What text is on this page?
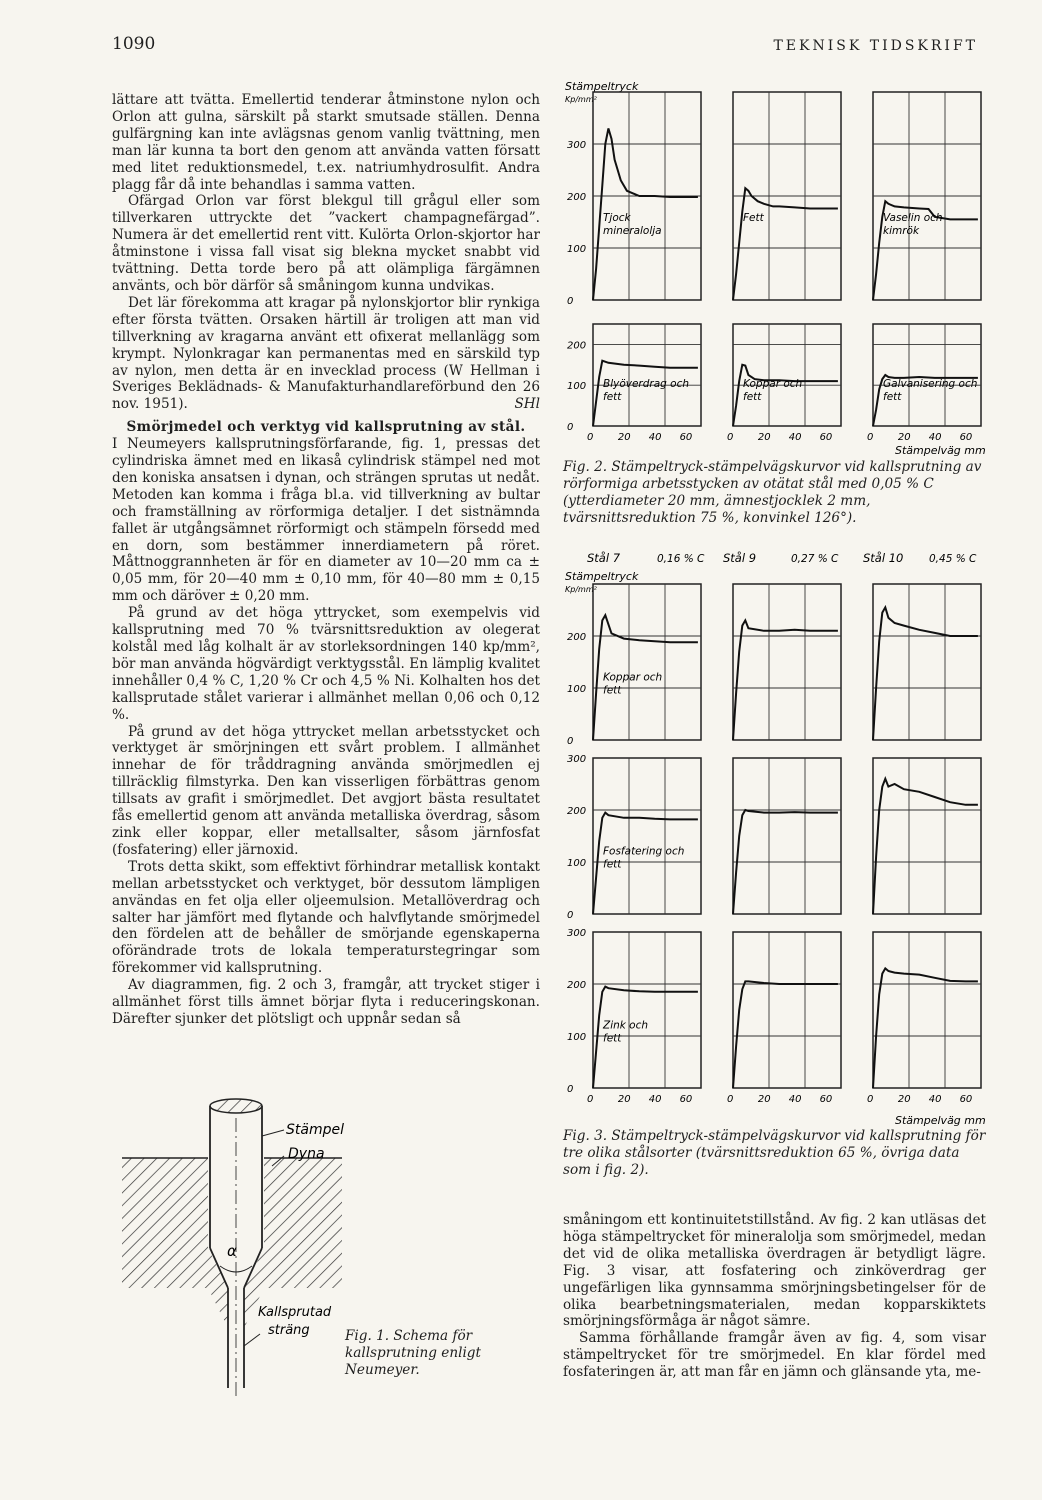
1090	TEKNISK TIDSKRIFT

lättare att tvätta. Emellertid tenderar åtminstone nylon och Orlon att gulna, särskilt på starkt smutsade ställen. Denna gulfärgning kan inte avlägsnas genom vanlig tvättning, men man lär kunna ta bort den genom att använda vatten försatt med litet reduktionsmedel, t.ex. natriumhydrosulfit. Andra plagg får då inte behandlas i samma vatten.

Ofärgad Orlon var först blekgul till grågul eller som tillverkaren uttryckte det ”vackert champagnefärgad”. Numera är det emellertid rent vitt. Kulörta Orlon-skjortor har åtminstone i vissa fall visat sig blekna mycket snabbt vid tvättning. Detta torde bero på att olämpliga färgämnen använts, och bör därför så småningom kunna undvikas.

Det lär förekomma att kragar på nylonskjortor blir rynkiga efter första tvätten. Orsaken härtill är troligen att man vid tillverkning av kragarna använt ett ofixerat mellanlägg som krympt. Nylonkragar kan permanentas med en särskild typ av nylon, men detta är en invecklad process (W Hellman i Sveriges Beklädnads- & Manufakturhandlareförbund den 26 nov. 1951).	SHl

Smörjmedel och verktyg vid kallsprutning av stål.

I Neumeyers kallsprutningsförfarande, fig. 1, pressas det cylindriska ämnet med en likaså cylindrisk stämpel ned mot den koniska ansatsen i dynan, och strängen sprutas ut nedåt. Metoden kan komma i fråga bl.a. vid tillverkning av bultar och framställning av rörformiga detaljer. I det sistnämnda fallet är utgångsämnet rörformigt och stämpeln försedd med en dorn, som bestämmer innerdiametern på röret. Måttnoggrannheten är för en diameter av 10—20 mm ca ± 0,05 mm, för 20—40 mm ± 0,10 mm, för 40—80 mm ± 0,15 mm och däröver ± 0,20 mm.

På grund av det höga yttrycket, som exempelvis vid kallsprutning med 70 % tvärsnittsreduktion av olegerat kolstål med låg kolhalt är av storleksordningen 140 kp/mm², bör man använda högvärdigt verktygsstål. En lämplig kvalitet innehåller 0,4 % C, 1,20 % Cr och 4,5 % Ni. Kolhalten hos det kallsprutade stålet varierar i allmänhet mellan 0,06 och 0,12 %.

På grund av det höga yttrycket mellan arbetsstycket och verktyget är smörjningen ett svårt problem. I allmänhet innehar de för tråddragning använda smörjmedlen ej tillräcklig filmstyrka. Den kan visserligen förbättras genom tillsats av grafit i smörjmedlet. Det avgjort bästa resultatet fås emellertid genom att använda metalliska överdrag, såsom zink eller koppar, eller metallsalter, såsom järnfosfat (fosfatering) eller järnoxid.

Trots detta skikt, som effektivt förhindrar metallisk kontakt mellan arbetsstycket och verktyget, bör dessutom lämpligen användas en fet olja eller oljeemulsion. Metallöverdrag och salter har jämfört med flytande och halvflytande smörjmedel den fördelen att de behåller de smörjande egenskaperna oförändrade trots de lokala temperaturstegringar som förekommer vid kallsprutning.

Av diagrammen, fig. 2 och 3, framgår, att trycket stiger i allmänhet först tills ämnet börjar flyta i reduceringskonan. Därefter sjunker det plötsligt och uppnår sedan så

småningom ett kontinuitetstillstånd. Av fig. 2 kan utläsas det höga stämpeltrycket för mineralolja som smörjmedel, medan det vid de olika metalliska överdragen är betydligt lägre. Fig. 3 visar, att fosfatering och zinköverdrag ger ungefärligen lika gynnsamma smörjningsbetingelser för de olika bearbetningsmaterialen, medan kopparskiktets smörjningsförmåga är något sämre.

Samma förhållande framgår även av fig. 4, som visar stämpeltrycket för tre smörjmedel. En klar fördel med fosfateringen är, att man får en jämn och glänsande yta, me-

Stämpel
Dyna
α
Kallsprutad
sträng	Fig. 1. Schema för kallsprutning enligt Neumeyer.
Stämpeltryck
Kp/mm²
0
100
200
300
Tjock
mineralolja
Fett	Vaselin och
kimrök
0
100
200
0 20 40 60
Blyöverdrag och
fett
0 20 40 60
Koppar och
fett
0 20 40 60
Galvanisering och
fett
Stämpelväg mm
Fig. 2. Stämpeltryck-stämpelvägskurvor vid kallsprutning av rörformiga arbetsstycken av otätat stål med 0,05 % C (ytterdiameter 20 mm, ämnestjocklek 2 mm, tvärsnittsreduktion 75 %, konvinkel 126°).
Stål 7	0,16 % C Stål 9	0,27 % C Stål 10 0,45 % C
Stämpeltryck
Kp/mm²
0
100
200
Koppar och
fett
0
100
200
300
Fosfatering och
fett
0
100
200
300
0 20 40 60
Zink och
fett
0 20 40 60	0 20 40 60
Stämpelväg mm
Fig. 3. Stämpeltryck-stämpelvägskurvor vid kallsprutning för tre olika stålsorter (tvärsnittsreduktion 65 %, övriga data som i fig. 2).
